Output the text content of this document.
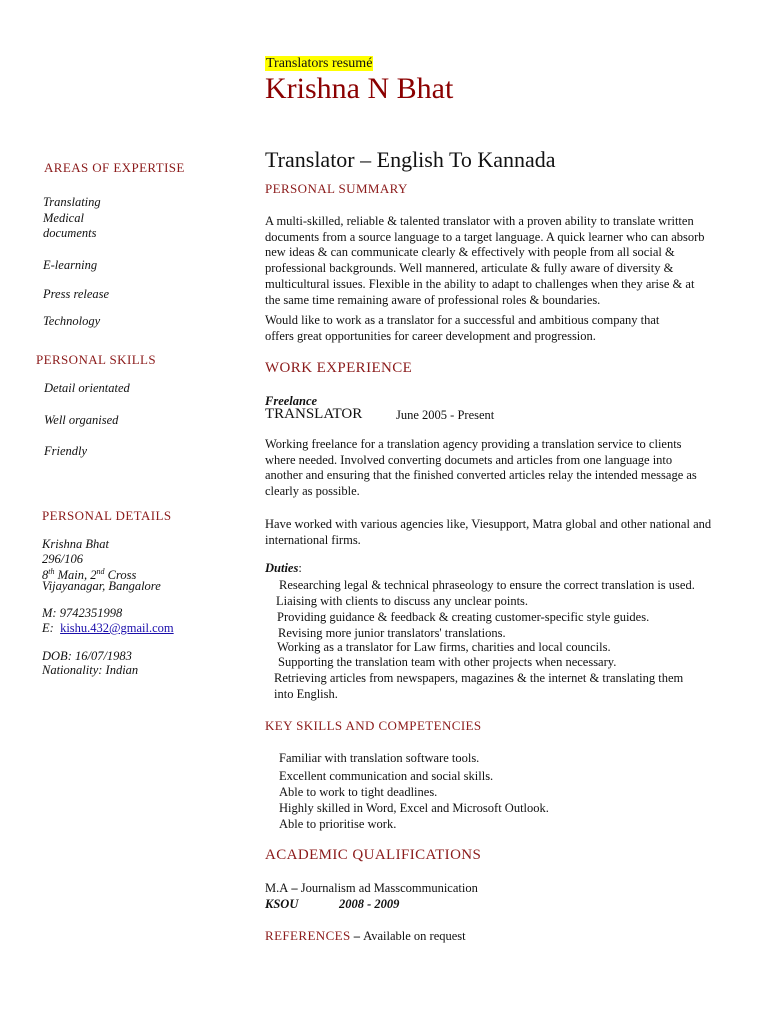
Translators resumé
Krishna N Bhat
Translator – English To Kannada
AREAS OF EXPERTISE
Translating
Medical
documents
E-learning
Press release
Technology
PERSONAL SKILLS
Detail orientated
Well organised
Friendly
PERSONAL DETAILS
Krishna Bhat
296/106
8th Main, 2nd Cross
Vijayanagar, Bangalore
M: 9742351998
E: kishu.432@gmail.com
DOB: 16/07/1983
Nationality: Indian
PERSONAL SUMMARY
A multi-skilled, reliable & talented translator with a proven ability to translate written
documents from a source language to a target language. A quick learner who can absorb
new ideas & can communicate clearly & effectively with people from all social &
professional backgrounds. Well mannered, articulate & fully aware of diversity &
multicultural issues. Flexible in the ability to adapt to challenges when they arise & at
the same time remaining aware of professional roles & boundaries.
Would like to work as a translator for a successful and ambitious company that
offers great opportunities for career development and progression.
WORK EXPERIENCE
Freelance
TRANSLATOR	June 2005 - Present
Working freelance for a translation agency providing a translation service to clients
where needed. Involved converting documets and articles from one language into
another and ensuring that the finished converted articles relay the intended message as
clearly as possible.
Have worked with various agencies like, Viesupport, Matra global and other national and
international firms.
Duties:
Researching legal & technical phraseology to ensure the correct translation is used.
Liaising with clients to discuss any unclear points.
Providing guidance & feedback & creating customer-specific style guides.
Revising more junior translators' translations.
Working as a translator for Law firms, charities and local councils.
Supporting the translation team with other projects when necessary.
Retrieving articles from newspapers, magazines & the internet & translating them
into English.
KEY SKILLS AND COMPETENCIES
Familiar with translation software tools.
Excellent communication and social skills.
Able to work to tight deadlines.
Highly skilled in Word, Excel and Microsoft Outlook.
Able to prioritise work.
ACADEMIC QUALIFICATIONS
M.A – Journalism ad Masscommunication
KSOU	2008 - 2009
REFERENCES – Available on request
